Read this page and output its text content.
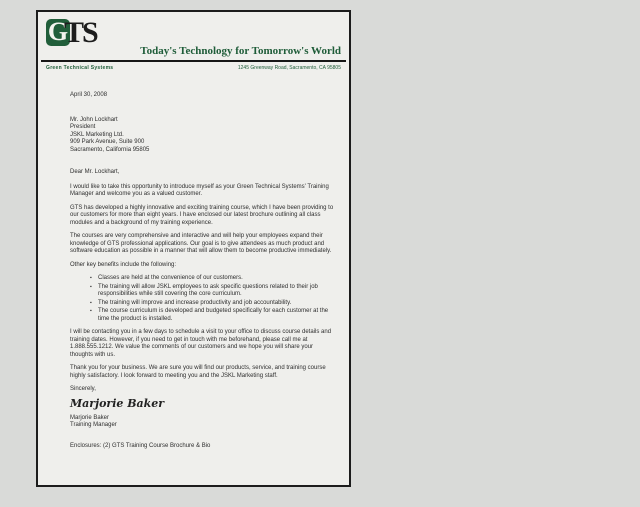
G
TS
Today's Technology for Tomorrow's World
Green Technical Systems	1245 Greenway Road, Sacramento, CA 95805
April 30, 2008
Mr. John Lockhart
President
JSKL Marketing Ltd.
909 Park Avenue, Suite 900
Sacramento, California 95805
Dear Mr. Lockhart,

I would like to take this opportunity to introduce myself as your Green Technical Systems' Training Manager and welcome you as a valued customer.

GTS has developed a highly innovative and exciting training course, which I have been providing to our customers for more than eight years. I have enclosed our latest brochure outlining all class modules and a background of my training experience.

The courses are very comprehensive and interactive and will help your employees expand their knowledge of GTS professional applications. Our goal is to give attendees as much product and software education as possible in a manner that will allow them to become productive immediately.

Other key benefits include the following:

▪	Classes are held at the convenience of our customers.
▪	The training will allow JSKL employees to ask specific questions related to their job responsibilities while still covering the core curriculum.
▪	The training will improve and increase productivity and job accountability.
▪	The course curriculum is developed and budgeted specifically for each customer at the time the product is installed.

I will be contacting you in a few days to schedule a visit to your office to discuss course details and training dates. However, if you need to get in touch with me beforehand, please call me at 1.888.555.1212. We value the comments of our customers and we hope you will share your thoughts with us.

Thank you for your business. We are sure you will find our products, service, and training course highly satisfactory. I look forward to meeting you and the JSKL Marketing staff.

Sincerely,
Marjorie Baker
Marjorie Baker
Training Manager
Enclosures: (2) GTS Training Course Brochure & Bio
